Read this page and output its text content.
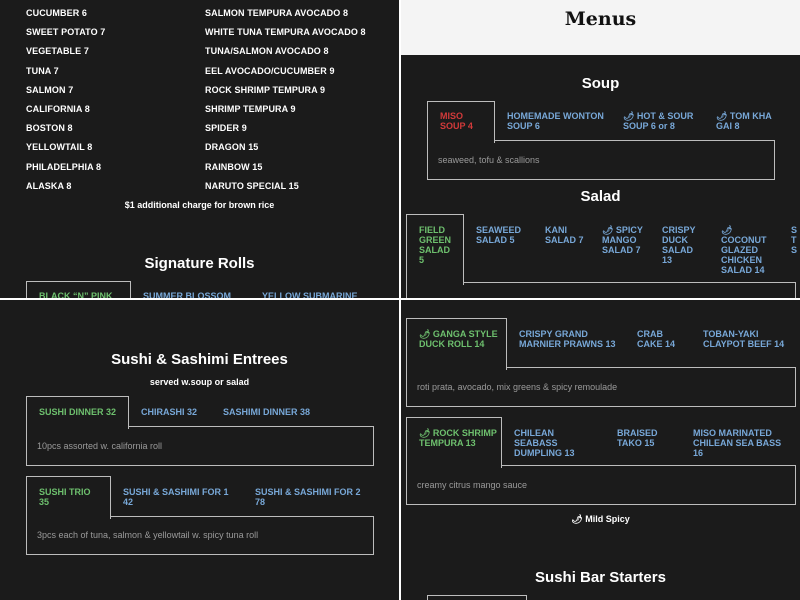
CUCUMBER 6
SWEET POTATO 7
VEGETABLE 7
TUNA 7
SALMON 7
CALIFORNIA 8
BOSTON 8
YELLOWTAIL 8
PHILADELPHIA 8
ALASKA 8
SALMON TEMPURA AVOCADO 8
WHITE TUNA TEMPURA AVOCADO 8
TUNA/SALMON AVOCADO 8
EEL AVOCADO/CUCUMBER 9
ROCK SHRIMP TEMPURA 9
SHRIMP TEMPURA 9
SPIDER 9
DRAGON 15
RAINBOW 15
NARUTO SPECIAL 15
$1 additional charge for brown rice
Signature Rolls
BLACK “N” PINK	SUMMER BLOSSOM	YELLOW SUBMARINE
Menus
Soup
MISO SOUP 4
HOMEMADE WONTON SOUP 6
🌶 HOT & SOUR SOUP 6 or 8
🌶 TOM KHA GAI 8
seaweed, tofu & scallions
Salad
FIELD GREEN SALAD 5
SEAWEED SALAD 5
KANI SALAD 7
🌶 SPICY MANGO SALAD 7
CRISPY DUCK SALAD 13
🌶 COCONUT GLAZED CHICKEN SALAD 14
S T S
Sushi & Sashimi Entrees
served w.soup or salad
SUSHI DINNER 32	CHIRASHI 32	SASHIMI DINNER 38
10pcs assorted w. california roll
SUSHI TRIO 35
SUSHI & SASHIMI FOR 1 42
SUSHI & SASHIMI FOR 2 78
3pcs each of tuna, salmon & yellowtail w. spicy tuna roll
🌶 GANGA STYLE DUCK ROLL 14
CRISPY GRAND MARNIER PRAWNS 13
CRAB CAKE 14
TOBAN-YAKI CLAYPOT BEEF 14
roti prata, avocado, mix greens & spicy remoulade
🌶 ROCK SHRIMP TEMPURA 13
CHILEAN SEABASS DUMPLING 13
BRAISED TAKO 15
MISO MARINATED CHILEAN SEA BASS 16
creamy citrus mango sauce
🌶 Mild Spicy
Sushi Bar Starters
